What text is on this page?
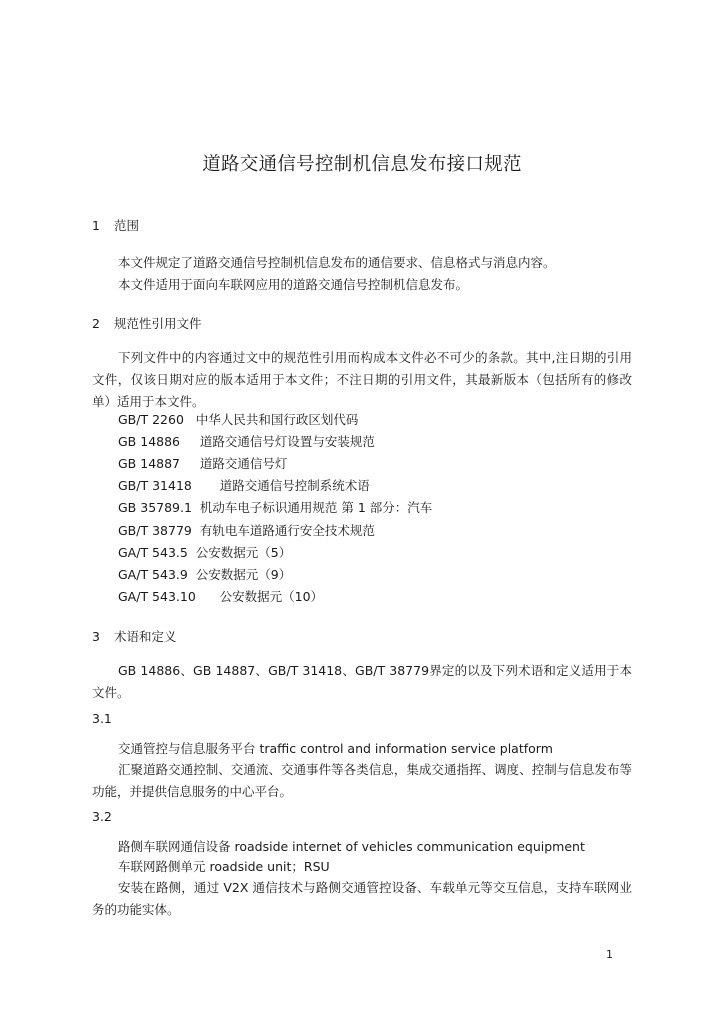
道路交通信号控制机信息发布接口规范
1 范围
本文件规定了道路交通信号控制机信息发布的通信要求、信息格式与消息内容。
本文件适用于面向车联网应用的道路交通信号控制机信息发布。
2 规范性引用文件
下列文件中的内容通过文中的规范性引用而构成本文件必不可少的条款。其中,注日期的引用文件，仅该日期对应的版本适用于本文件；不注日期的引用文件，其最新版本（包括所有的修改单）适用于本文件。
GB/T 2260 中华人民共和国行政区划代码
GB 14886 道路交通信号灯设置与安装规范
GB 14887 道路交通信号灯
GB/T 31418 道路交通信号控制系统术语
GB 35789.1 机动车电子标识通用规范 第 1 部分：汽车
GB/T 38779 有轨电车道路通行安全技术规范
GA/T 543.5 公安数据元（5）
GA/T 543.9 公安数据元（9）
GA/T 543.10 公安数据元（10）
3 术语和定义
GB 14886、GB 14887、GB/T 31418、GB/T 38779界定的以及下列术语和定义适用于本文件。
3.1
交通管控与信息服务平台 traffic control and information service platform
汇聚道路交通控制、交通流、交通事件等各类信息，集成交通指挥、调度、控制与信息发布等功能，并提供信息服务的中心平台。
3.2
路侧车联网通信设备 roadside internet of vehicles communication equipment
车联网路侧单元 roadside unit；RSU
安装在路侧，通过 V2X 通信技术与路侧交通管控设备、车载单元等交互信息，支持车联网业务的功能实体。
1
